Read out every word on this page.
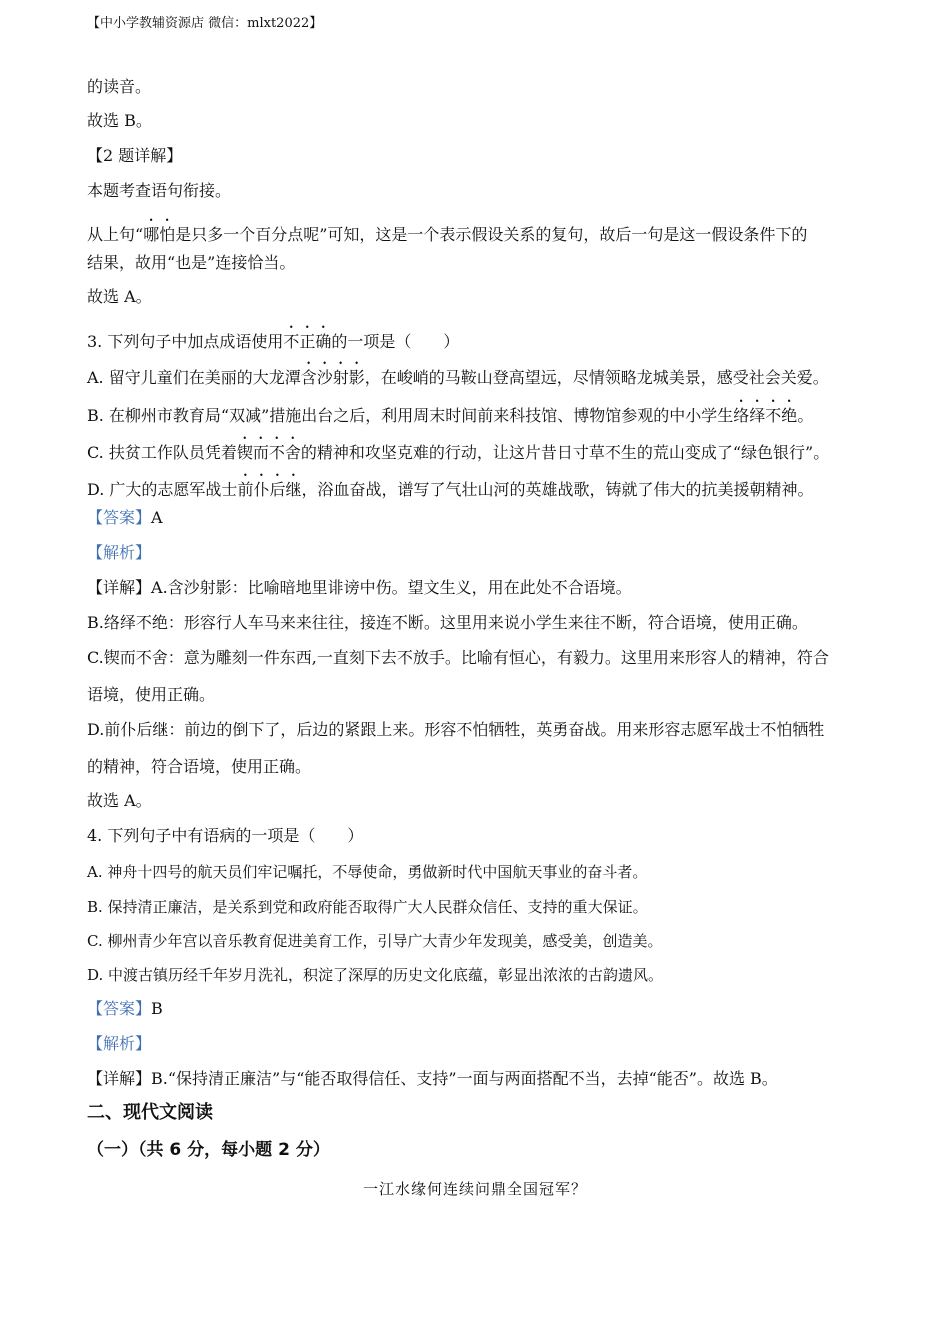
【中小学教辅资源店 微信：mlxt2022】
的读音。
故选 B。
【2 题详解】
本题考查语句衔接。
从上句“哪怕是只多一个百分点呢”可知，这是一个表示假设关系的复句，故后一句是这一假设条件下的
结果，故用“也是”连接恰当。
故选 A。
3. 下列句子中加点成语使用不正确的一项是（　　）
A. 留守儿童们在美丽的大龙潭含沙射影，在峻峭的马鞍山登高望远，尽情领略龙城美景，感受社会关爱。
B. 在柳州市教育局“双减”措施出台之后，利用周末时间前来科技馆、博物馆参观的中小学生络绎不绝。
C. 扶贫工作队员凭着锲而不舍的精神和攻坚克难的行动，让这片昔日寸草不生的荒山变成了“绿色银行”。
D. 广大的志愿军战士前仆后继，浴血奋战，谱写了气壮山河的英雄战歌，铸就了伟大的抗美援朝精神。
【答案】A
【解析】
【详解】A.含沙射影：比喻暗地里诽谤中伤。望文生义，用在此处不合语境。
B.络绎不绝：形容行人车马来来往往，接连不断。这里用来说小学生来往不断，符合语境，使用正确。
C.锲而不舍：意为雕刻一件东西,一直刻下去不放手。比喻有恒心，有毅力。这里用来形容人的精神，符合
语境，使用正确。
D.前仆后继：前边的倒下了，后边的紧跟上来。形容不怕牺牲，英勇奋战。用来形容志愿军战士不怕牺牲
的精神，符合语境，使用正确。
故选 A。
4. 下列句子中有语病的一项是（　　）
A. 神舟十四号的航天员们牢记嘱托，不辱使命，勇做新时代中国航天事业的奋斗者。
B. 保持清正廉洁，是关系到党和政府能否取得广大人民群众信任、支持的重大保证。
C. 柳州青少年宫以音乐教育促进美育工作，引导广大青少年发现美，感受美，创造美。
D. 中渡古镇历经千年岁月洗礼，积淀了深厚的历史文化底蕴，彰显出浓浓的古韵遗风。
【答案】B
【解析】
【详解】B.“保持清正廉洁”与“能否取得信任、支持”一面与两面搭配不当，去掉“能否”。故选 B。
二、现代文阅读
（一）（共 6 分，每小题 2 分）
一江水缘何连续问鼎全国冠军？
